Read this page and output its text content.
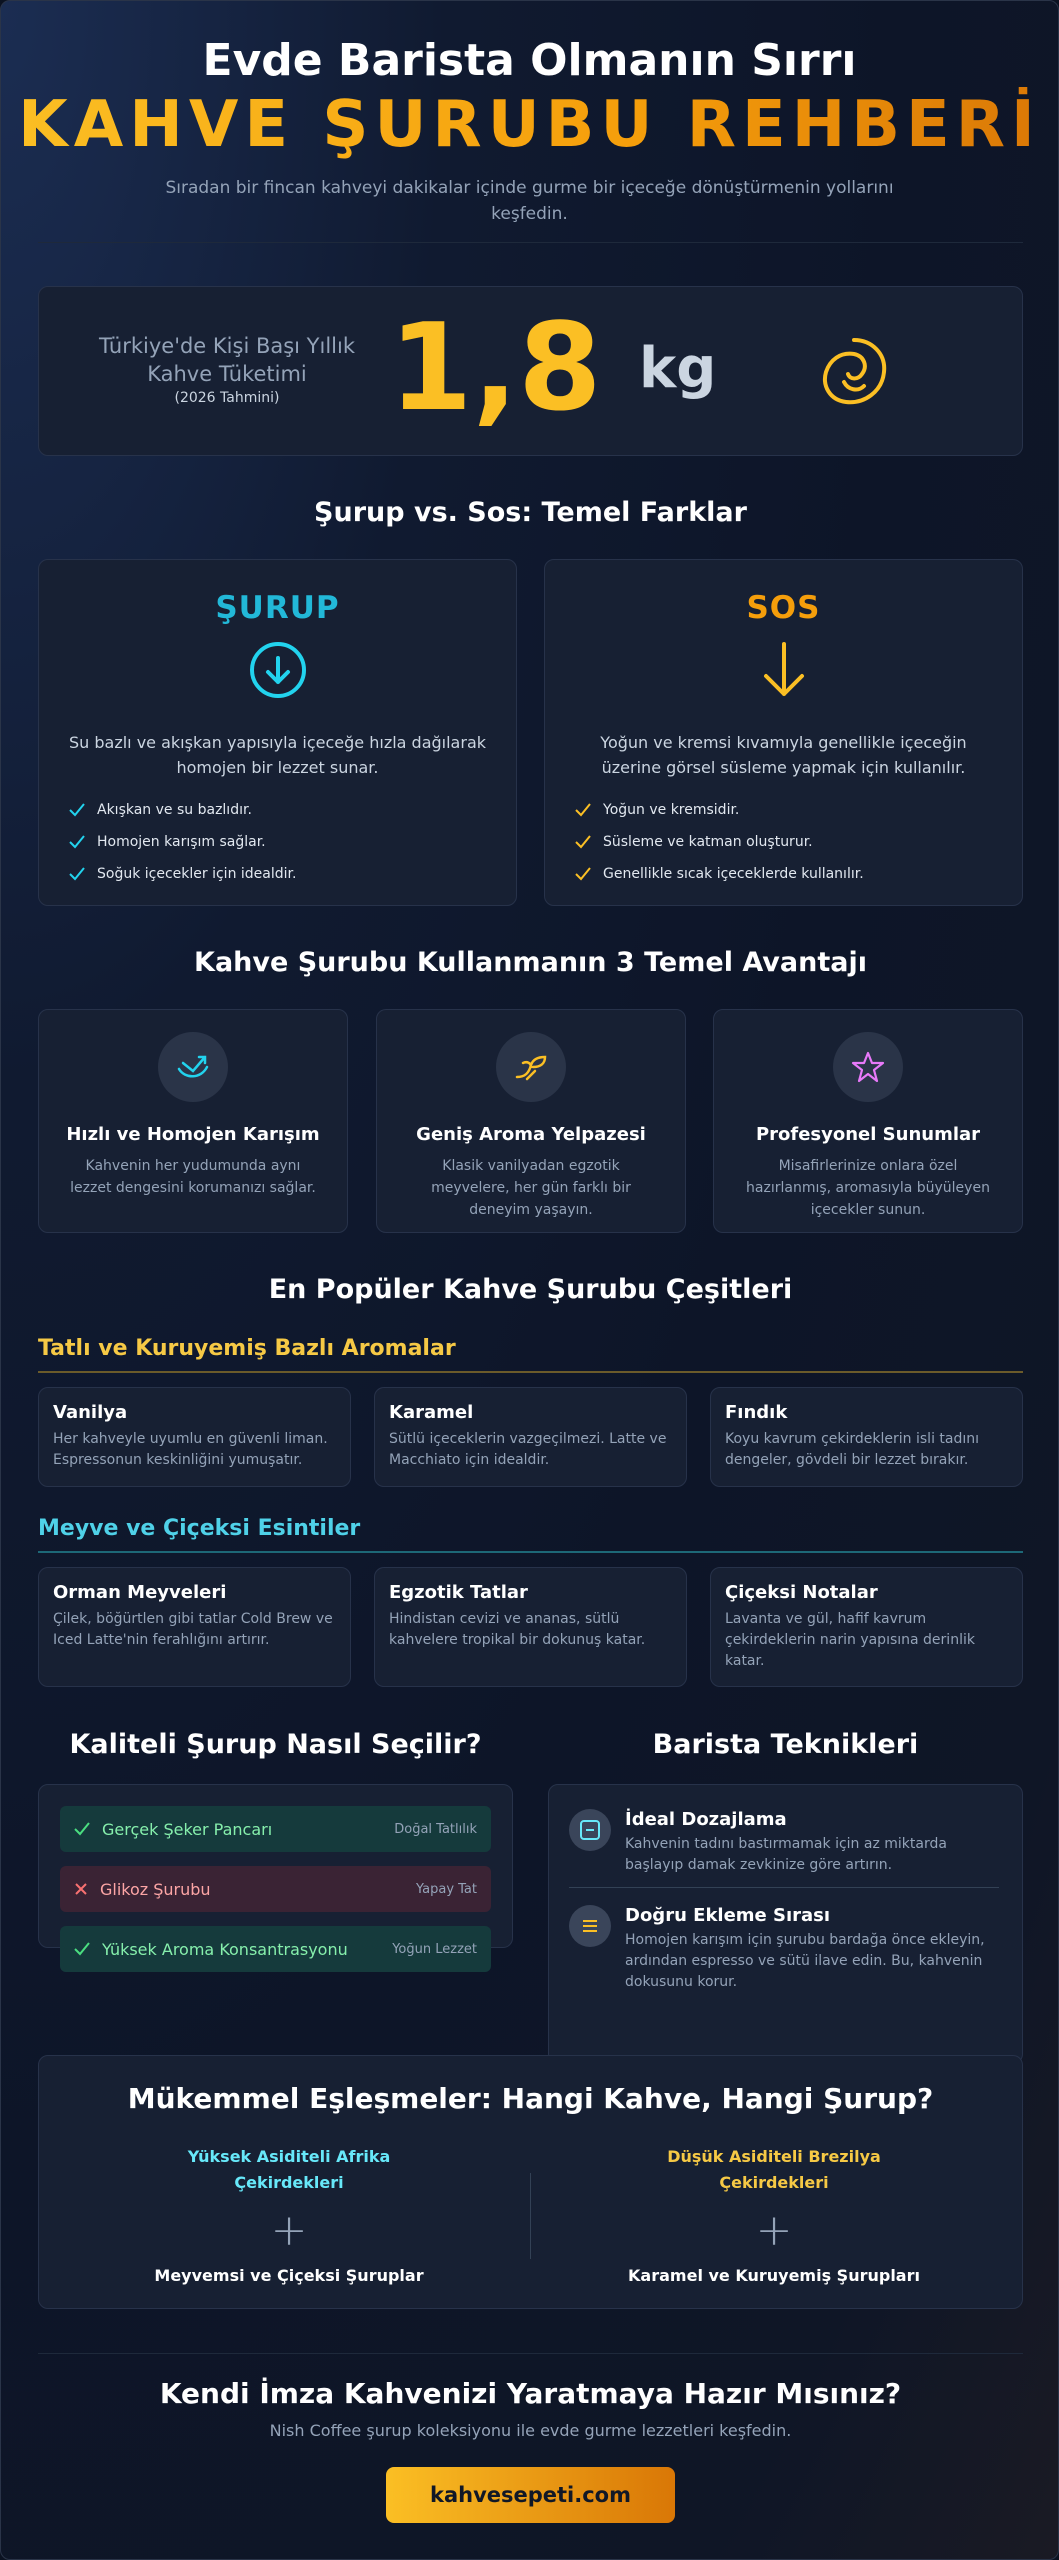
Evde Barista Olmanın Sırrı
KAHVE ŞURUBU REHBERİ
Sıradan bir fincan kahveyi dakikalar içinde gurme bir içeceğe dönüştürmenin yollarını keşfedin.
Türkiye'de Kişi Başı Yıllık Kahve Tüketimi
(2026 Tahmini) 1,8 kg
Şurup vs. Sos: Temel Farklar
ŞURUP
Su bazlı ve akışkan yapısıyla içeceğe hızla dağılarak homojen bir lezzet sunar.
Akışkan ve su bazlıdır.
Homojen karışım sağlar.
Soğuk içecekler için idealdir.
SOS
Yoğun ve kremsi kıvamıyla genellikle içeceğin üzerine görsel süsleme yapmak için kullanılır.
Yoğun ve kremsidir.
Süsleme ve katman oluşturur.
Genellikle sıcak içeceklerde kullanılır.
Kahve Şurubu Kullanmanın 3 Temel Avantajı
Hızlı ve Homojen Karışım
Kahvenin her yudumunda aynı lezzet dengesini korumanızı sağlar.
Geniş Aroma Yelpazesi
Klasik vanilyadan egzotik meyvelere, her gün farklı bir deneyim yaşayın.
Profesyonel Sunumlar
Misafirlerinize onlara özel hazırlanmış, aromasıyla büyüleyen içecekler sunun.
En Popüler Kahve Şurubu Çeşitleri
Tatlı ve Kuruyemiş Bazlı Aromalar
Vanilya
Her kahveyle uyumlu en güvenli liman. Espressonun keskinliğini yumuşatır.
Karamel
Sütlü içeceklerin vazgeçilmezi. Latte ve Macchiato için idealdir.
Fındık
Koyu kavrum çekirdeklerin isli tadını dengeler, gövdeli bir lezzet bırakır.
Meyve ve Çiçeksi Esintiler
Orman Meyveleri
Çilek, böğürtlen gibi tatlar Cold Brew ve Iced Latte'nin ferahlığını artırır.
Egzotik Tatlar
Hindistan cevizi ve ananas, sütlü kahvelere tropikal bir dokunuş katar.
Çiçeksi Notalar
Lavanta ve gül, hafif kavrum çekirdeklerin narin yapısına derinlik katar.
Kaliteli Şurup Nasıl Seçilir?	Barista Teknikleri
Gerçek Şeker Pancarı	Doğal Tatlılık
Glikoz Şurubu	Yapay Tat
Yüksek Aroma Konsantrasyonu	Yoğun Lezzet
İdeal Dozajlama
Kahvenin tadını bastırmamak için az miktarda başlayıp damak zevkinize göre artırın.
Doğru Ekleme Sırası
Homojen karışım için şurubu bardağa önce ekleyin, ardından espresso ve sütü ilave edin. Bu, kahvenin dokusunu korur.
Mükemmel Eşleşmeler: Hangi Kahve, Hangi Şurup?
Yüksek Asiditeli Afrika Çekirdekleri
+
Meyvemsi ve Çiçeksi Şuruplar
Düşük Asiditeli Brezilya Çekirdekleri
+
Karamel ve Kuruyemiş Şurupları
Kendi İmza Kahvenizi Yaratmaya Hazır Mısınız?
Nish Coffee şurup koleksiyonu ile evde gurme lezzetleri keşfedin.
kahvesepeti.com
